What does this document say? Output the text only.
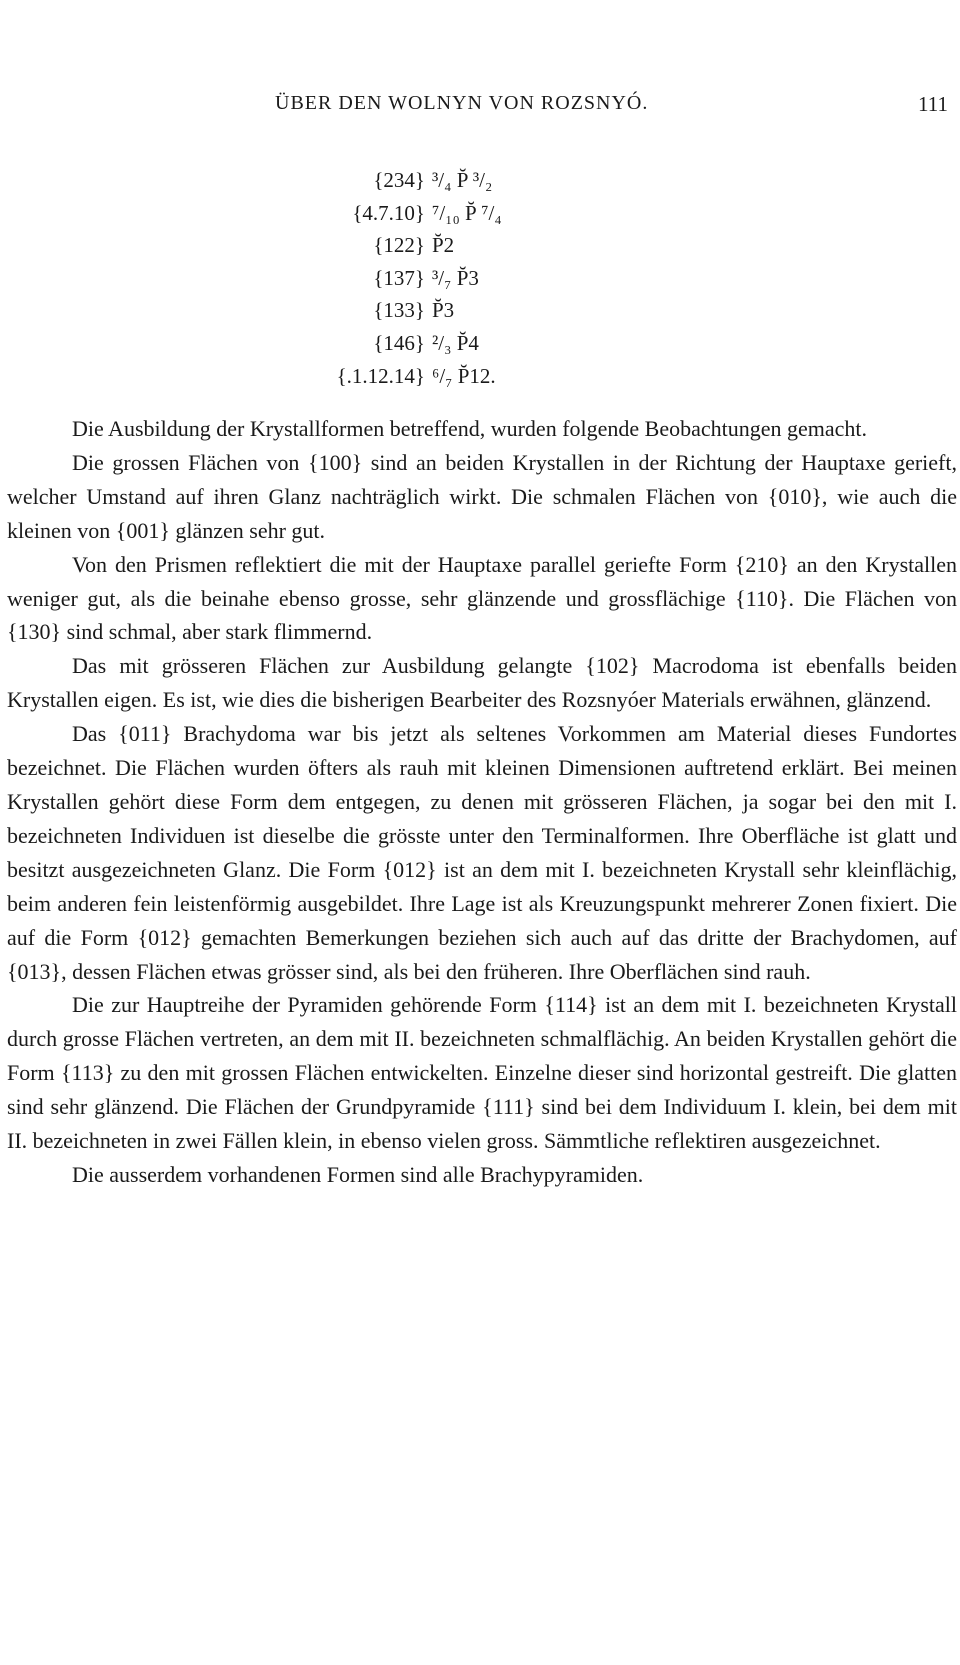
ÜBER DEN WOLNYN VON ROZSNYÓ.	111
{234} ³/₄ P̆ ³/₂
{4.7.10} ⁷/₁₀ P̆ ⁷/₄
{122} P̆2
{137} ³/₇ P̆3
{133} P̆3
{146} ²/₃ P̆4
{.1.12.14} ⁶/₇ P̆12.

Die Ausbildung der Krystallformen betreffend, wurden folgende Beobachtungen gemacht.

Die grossen Flächen von {100} sind an beiden Krystallen in der Richtung der Hauptaxe gerieft, welcher Umstand auf ihren Glanz nachträglich wirkt. Die schmalen Flächen von {010}, wie auch die kleinen von {001} glänzen sehr gut.

Von den Prismen reflektiert die mit der Hauptaxe parallel geriefte Form {210} an den Krystallen weniger gut, als die beinahe ebenso grosse, sehr glänzende und grossflächige {110}. Die Flächen von {130} sind schmal, aber stark flimmernd.

Das mit grösseren Flächen zur Ausbildung gelangte {102} Macrodoma ist ebenfalls beiden Krystallen eigen. Es ist, wie dies die bisherigen Bearbeiter des Rozsnyóer Materials erwähnen, glänzend.

Das {011} Brachydoma war bis jetzt als seltenes Vorkommen am Material dieses Fundortes bezeichnet. Die Flächen wurden öfters als rauh mit kleinen Dimensionen auftretend erklärt. Bei meinen Krystallen gehört diese Form dem entgegen, zu denen mit grösseren Flächen, ja sogar bei den mit I. bezeichneten Individuen ist dieselbe die grösste unter den Terminalformen. Ihre Oberfläche ist glatt und besitzt ausgezeichneten Glanz. Die Form {012} ist an dem mit I. bezeichneten Krystall sehr kleinflächig, beim anderen fein leistenförmig ausgebildet. Ihre Lage ist als Kreuzungspunkt mehrerer Zonen fixiert. Die auf die Form {012} gemachten Bemerkungen beziehen sich auch auf das dritte der Brachydomen, auf {013}, dessen Flächen etwas grösser sind, als bei den früheren. Ihre Oberflächen sind rauh.

Die zur Hauptreihe der Pyramiden gehörende Form {114} ist an dem mit I. bezeichneten Krystall durch grosse Flächen vertreten, an dem mit II. bezeichneten schmalflächig. An beiden Krystallen gehört die Form {113} zu den mit grossen Flächen entwickelten. Einzelne dieser sind horizontal gestreift. Die glatten sind sehr glänzend. Die Flächen der Grundpyramide {111} sind bei dem Individuum I. klein, bei dem mit II. bezeichneten in zwei Fällen klein, in ebenso vielen gross. Sämmtliche reflektiren ausgezeichnet.

Die ausserdem vorhandenen Formen sind alle Brachypyramiden.
